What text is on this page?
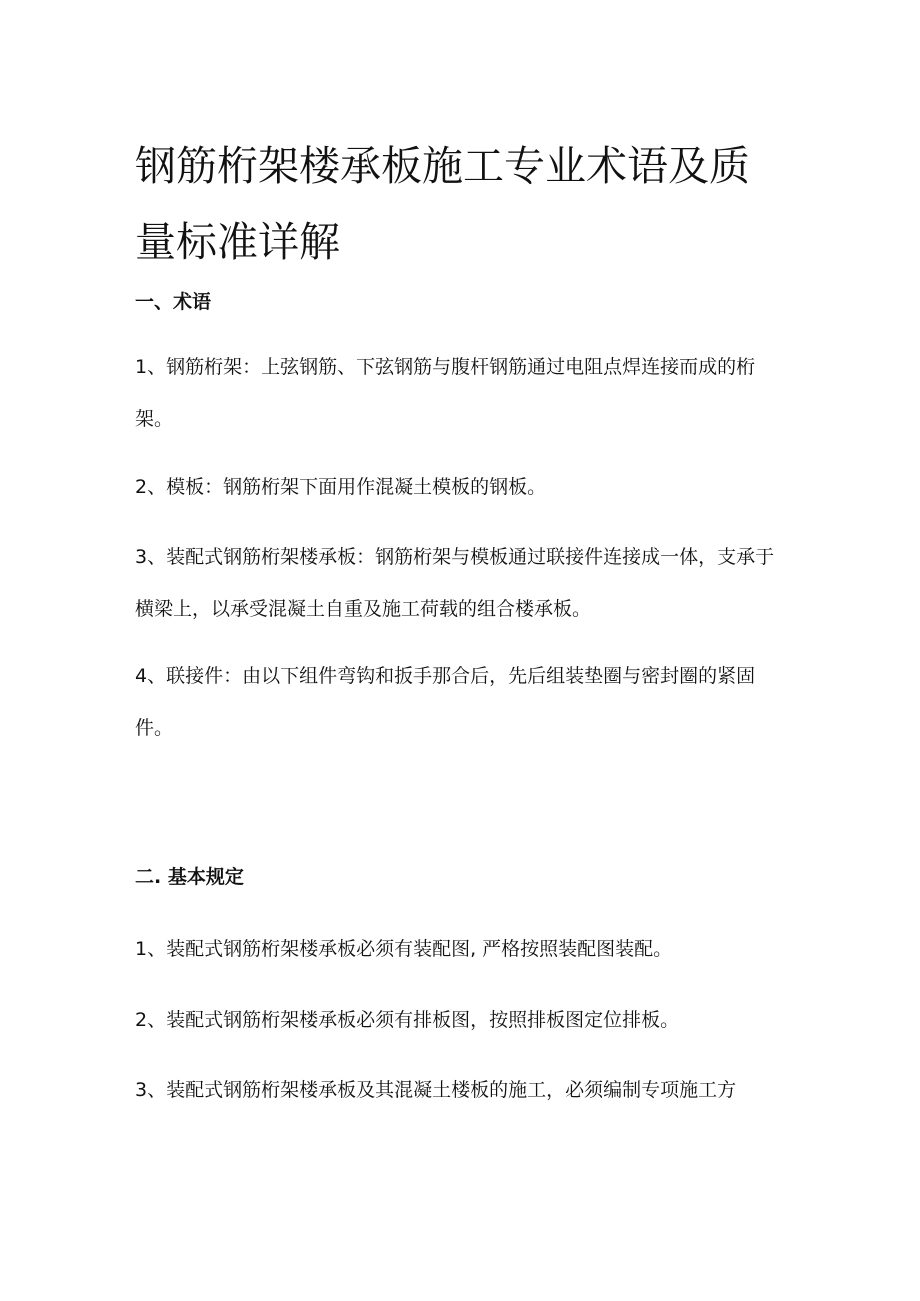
钢筋桁架楼承板施工专业术语及质量标准详解
一、术语

1、钢筋桁架：上弦钢筋、下弦钢筋与腹杆钢筋通过电阻点焊连接而成的桁架。

2、模板：钢筋桁架下面用作混凝土模板的钢板。

3、装配式钢筋桁架楼承板：钢筋桁架与模板通过联接件连接成一体，支承于横梁上，以承受混凝土自重及施工荷载的组合楼承板。

4、联接件：由以下组件弯钩和扳手那合后，先后组装垫圈与密封圈的紧固件。

二. 基本规定

1、装配式钢筋桁架楼承板必须有装配图, 严格按照装配图装配。

2、装配式钢筋桁架楼承板必须有排板图，按照排板图定位排板。

3、装配式钢筋桁架楼承板及其混凝土楼板的施工，必须编制专项施工方
